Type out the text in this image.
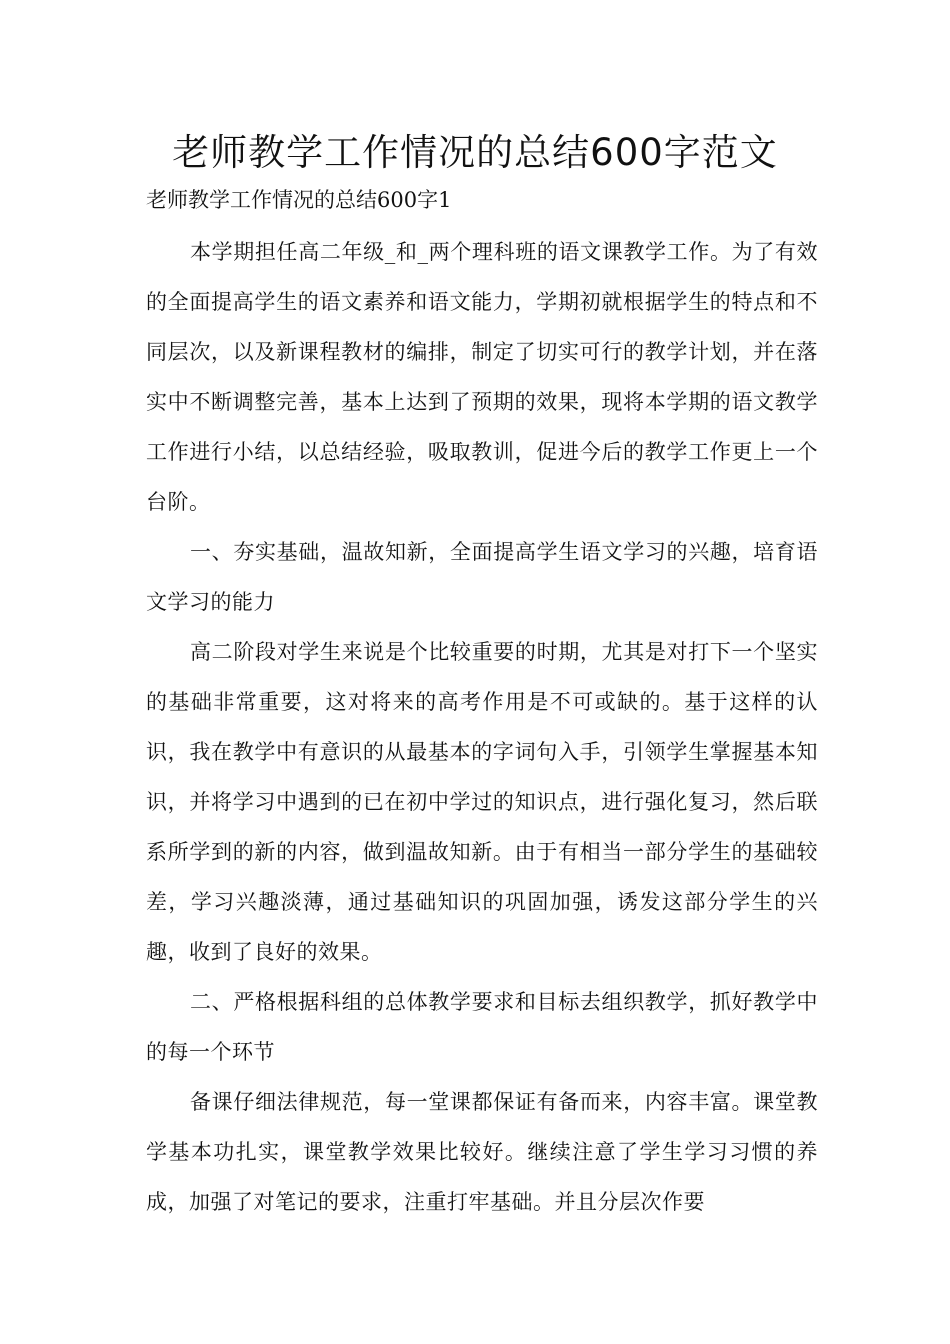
老师教学工作情况的总结600字范文
老师教学工作情况的总结600字1

本学期担任高二年级_和_两个理科班的语文课教学工作。为了有效的全面提高学生的语文素养和语文能力，学期初就根据学生的特点和不同层次，以及新课程教材的编排，制定了切实可行的教学计划，并在落实中不断调整完善，基本上达到了预期的效果，现将本学期的语文教学工作进行小结，以总结经验，吸取教训，促进今后的教学工作更上一个台阶。

一、夯实基础，温故知新，全面提高学生语文学习的兴趣，培育语文学习的能力

高二阶段对学生来说是个比较重要的时期，尤其是对打下一个坚实的基础非常重要，这对将来的高考作用是不可或缺的。基于这样的认识，我在教学中有意识的从最基本的字词句入手，引领学生掌握基本知识，并将学习中遇到的已在初中学过的知识点，进行强化复习，然后联系所学到的新的内容，做到温故知新。由于有相当一部分学生的基础较差，学习兴趣淡薄，通过基础知识的巩固加强，诱发这部分学生的兴趣，收到了良好的效果。

二、严格根据科组的总体教学要求和目标去组织教学，抓好教学中的每一个环节

备课仔细法律规范，每一堂课都保证有备而来，内容丰富。课堂教学基本功扎实，课堂教学效果比较好。继续注意了学生学习习惯的养成，加强了对笔记的要求，注重打牢基础。并且分层次作要
